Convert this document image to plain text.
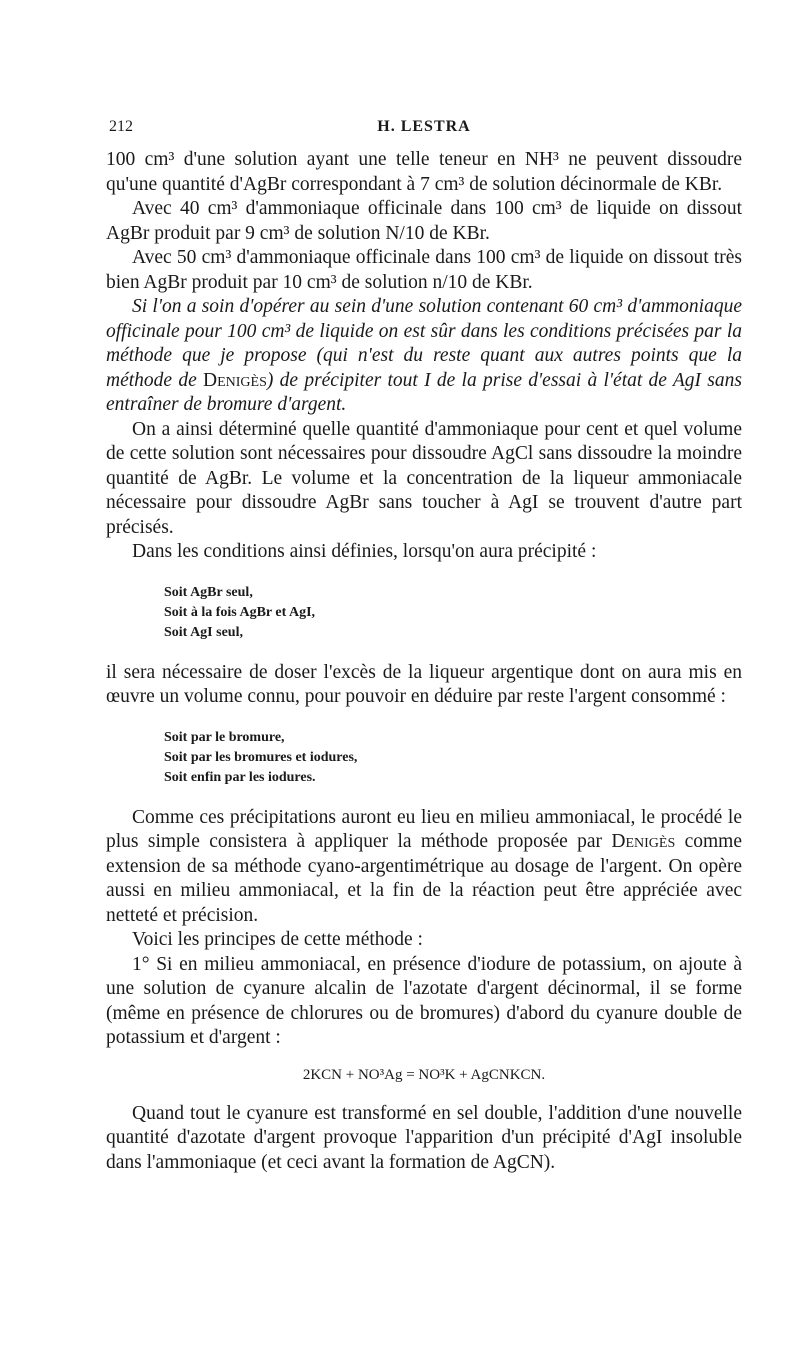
212	H. LESTRA

100 cm³ d'une solution ayant une telle teneur en NH³ ne peuvent dissoudre qu'une quantité d'AgBr correspondant à 7 cm³ de solution décinormale de KBr.

Avec 40 cm³ d'ammoniaque officinale dans 100 cm³ de liquide on dissout AgBr produit par 9 cm³ de solution N/10 de KBr.

Avec 50 cm³ d'ammoniaque officinale dans 100 cm³ de liquide on dissout très bien AgBr produit par 10 cm³ de solution n/10 de KBr.

Si l'on a soin d'opérer au sein d'une solution contenant 60 cm³ d'ammoniaque officinale pour 100 cm³ de liquide on est sûr dans les conditions précisées par la méthode que je propose (qui n'est du reste quant aux autres points que la méthode de Denigès) de précipiter tout I de la prise d'essai à l'état de AgI sans entraîner de bromure d'argent.

On a ainsi déterminé quelle quantité d'ammoniaque pour cent et quel volume de cette solution sont nécessaires pour dissoudre AgCl sans dissoudre la moindre quantité de AgBr. Le volume et la concentration de la liqueur ammoniacale nécessaire pour dissoudre AgBr sans toucher à AgI se trouvent d'autre part précisés.

Dans les conditions ainsi définies, lorsqu'on aura précipité :

Soit AgBr seul,
Soit à la fois AgBr et AgI,
Soit AgI seul,

il sera nécessaire de doser l'excès de la liqueur argentique dont on aura mis en œuvre un volume connu, pour pouvoir en déduire par reste l'argent consommé :

Soit par le bromure,
Soit par les bromures et iodures,
Soit enfin par les iodures.

Comme ces précipitations auront eu lieu en milieu ammoniacal, le procédé le plus simple consistera à appliquer la méthode proposée par Denigès comme extension de sa méthode cyano-argentimétrique au dosage de l'argent. On opère aussi en milieu ammoniacal, et la fin de la réaction peut être appréciée avec netteté et précision.

Voici les principes de cette méthode :

1° Si en milieu ammoniacal, en présence d'iodure de potassium, on ajoute à une solution de cyanure alcalin de l'azotate d'argent décinormal, il se forme (même en présence de chlorures ou de bromures) d'abord du cyanure double de potassium et d'argent :

2KCN + NO³Ag = NO³K + AgCNKCN.

Quand tout le cyanure est transformé en sel double, l'addition d'une nouvelle quantité d'azotate d'argent provoque l'apparition d'un précipité d'AgI insoluble dans l'ammoniaque (et ceci avant la formation de AgCN).
